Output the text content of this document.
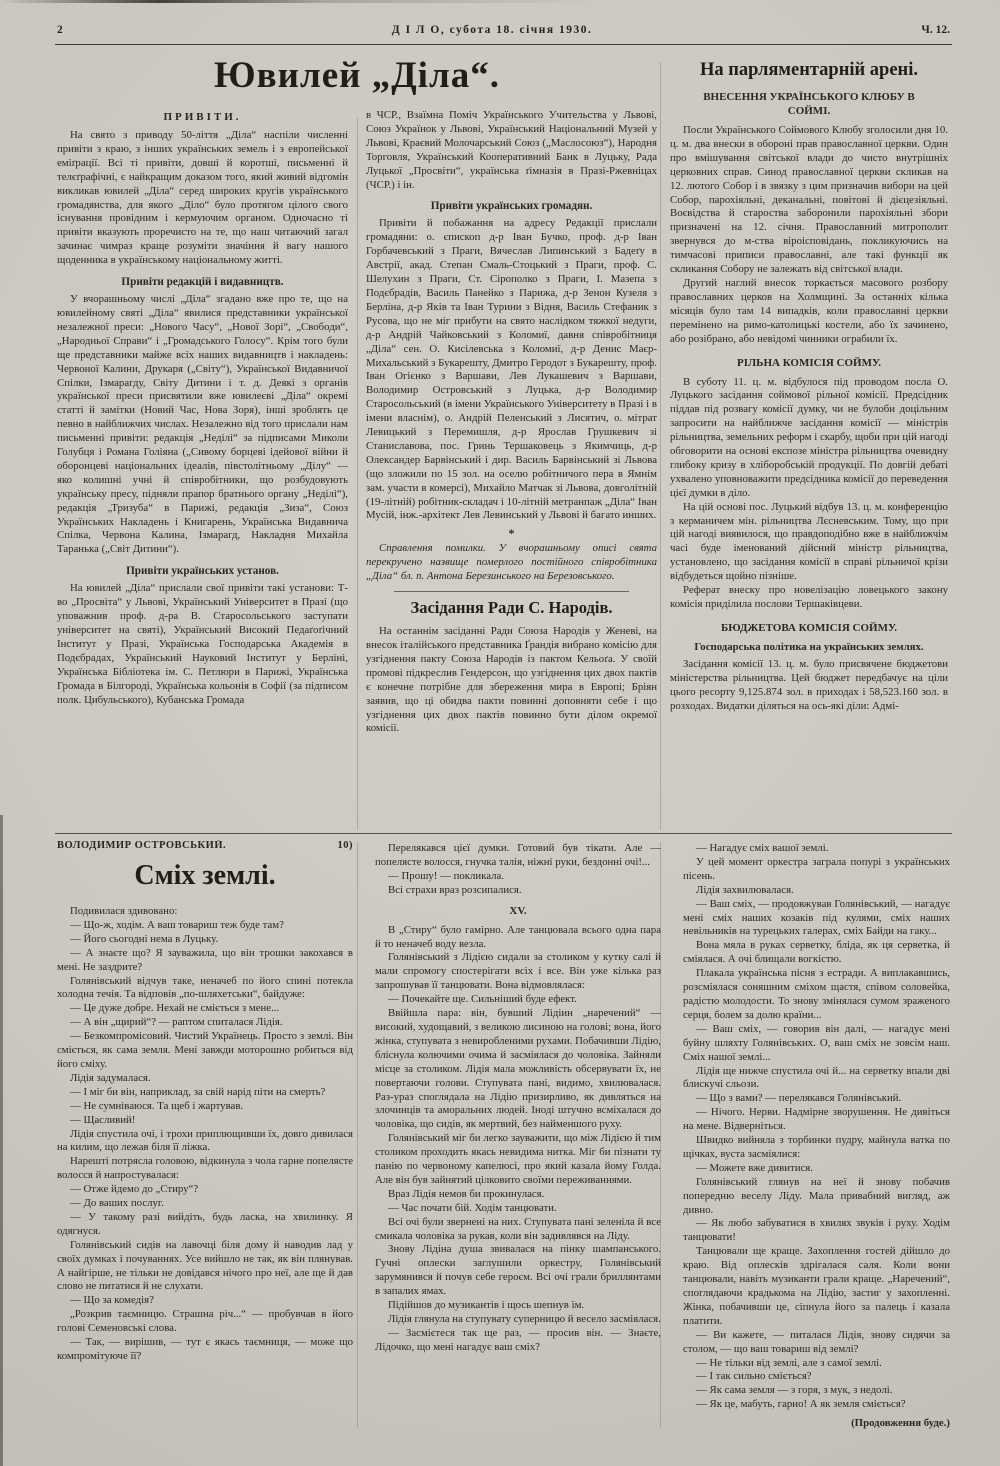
2	Д І Л О, субота 18. січня 1930.	Ч. 12.
Ювилей „Діла“.
ПРИВІТИ.

На свято з приводу 50-ліття „Діла“ наспіли численні привіти з краю, з інших українських земель і з европейської еміґрації. Всі ті привіти, довші й коротші, письменні й телєґрафічні, є найкращим доказом того, який живий відгомін викликав ювилей „Діла“ серед широких кругів українського громадянства, для якого „Діло“ було протягом цілого свого існування провідним і кермуючим органом. Одночасно ті привіти вказують проречисто на те, що наш читаючий загал зачинає чимраз краще розуміти значіння й вагу нашого щоденника в українському національному житті.

Привіти редакцій і видавництв.

У вчорашньому числі „Діла“ згадано вже про те, що на ювилейному святі „Діла“ явилися представники української незалежної преси: „Нового Часу“, „Нової Зорі“, „Свободи“, „Народньої Справи“ і „Громадського Голосу“. Крім того були ще представники майже всіх наших видавництв і накладень: Червоної Калини, Друкаря („Світу“), Української Видавничої Спілки, Ізмарагду, Світу Дитини і т. д. Деякі з органів української преси присвятили вже ювилеєві „Діла“ окремі статті й замітки (Новий Час, Нова Зоря), інші зроблять це певно в найближчих числах. Незалежно від того прислали нам письменні привіти: редакція „Неділі“ за підписами Миколи Голубця і Романа Голіяна („Сивому борцеві ідейової війни й оборонцеві національних ідеалів, півстолітньому „Ділу“ — яко колишні учні й співробітники, що розбудовують українську пресу, підняли прапор братнього органу „Неділі“), редакція „Тризуба“ в Парижі, редакція „Зиза“, Союз Українських Накладень і Книгарень, Українська Видавнича Спілка, Червона Калина, Ізмарагд, Накладня Михайла Таранька („Світ Дитини“).

Привіти українських установ.

На ювилей „Діла“ прислали свої привіти такі установи: Т-во „Просвіта“ у Львові, Український Університет в Празі (що уповажнив проф. д-ра В. Старосольського заступати університет на святі), Український Високий Педаґоґічний Інститут у Празі, Українська Господарська Академія в Подєбрадах, Український Науковий Інститут у Берліні, Українська Бібліотека ім. С. Петлюри в Парижі, Українська Громада в Білгороді, Українська кольонія в Софії (за підписом полк. Цибульського), Кубанська Громада

в ЧСР., Взаїмна Поміч Українського Учительства у Львові, Союз Українок у Львові, Український Національний Музей у Львові, Краєвий Молочарський Союз („Маслосоюз“), Народня Торговля, Український Кооперативний Банк в Луцьку, Рада Луцької „Просвіти“, українська ґімназія в Празі-Ржевніцах (ЧСР.) і ін.

Привіти українських громадян.

Привіти й побажання на адресу Редакції прислали громадяни: о. єпископ д-р Іван Бучко, проф. д-р Іван Горбачевський з Праги, Вячеслав Липинський з Бадеґу в Австрії, акад. Степан Смаль-Стоцький з Праги, проф. С. Шелухин з Праги, Ст. Сірополко з Праги, І. Мазепа з Подєбрадів, Василь Панейко з Парижа, д-р Зенон Кузеля з Берліна, д-р Яків та Іван Турини з Відня, Василь Стефаник з Русова, що не міг прибути на свято наслідком тяжкої недуги, д-р Андрій Чайковський з Коломиї, давня співробітниця „Діла“ сен. О. Кисілевська з Коломиї, д-р Денис Маєр-Михальський з Букарешту, Дмитро Геродот з Букарешту, проф. Іван Огієнко з Варшави, Лев Лукашевич з Варшави, Володимир Островський з Луцька, д-р Володимир Старосольський (в імени Українського Університету в Празі і в імени власнім), о. Андрій Пеленський з Лисятич, о. мітрат Левицький з Перемишля, д-р Ярослав Грушкевич зі Станиславова, пос. Гринь Тершаковець з Якимчиць, д-р Олександер Барвінський і дир. Василь Барвінський зі Львова (що зложили по 15 зол. на оселю робітничого пера в Ямнім зам. участи в комерсі), Михайло Матчак зі Львова, довголітній (19-літній) робітник-складач і 10-літній метранпаж „Діла“ Іван Мусій, інж.-архітект Лев Левинський у Львові й багато инших.

*

Справлення помилки. У вчорашньому описі свята перекручено назвище померлого постійного співробітника „Діла“ бл. п. Антона Березинського на Березовського.

Засідання Ради С. Народів.

На останнім засіданні Ради Союза Народів у Женеві, на внесок італійського представника Ґрандія вибрано комісію для узгіднення пакту Союза Народів із пактом Кельоґа. У своїй промові підкреслив Гендерсон, що узгіднення цих двох пактів є конечне потрібне для збереження мира в Европі; Бріян заявив, що ці обидва пакти повинні доповняти себе і що узгіднення цих двох пактів повинно бути ділом окремої комісії.

На парляментарній арені.
ВНЕСЕННЯ УКРАЇНСЬКОГО КЛЮБУ В СОЙМІ.

Посли Українського Соймового Клюбу зголосили дня 10. ц. м. два внески в обороні прав православної церкви. Один про вмішування світської влади до чисто внутрішніх церковних справ. Синод православної церкви скликав на 12. лютого Собор і в звязку з цим призначив вибори на цей Собор, парохіяльні, деканальні, повітові й дієцезіяльні. Воєвідства й староства заборонили парохіяльні збори призначені на 12. січня. Православний митрополит звернувся до м-ства віроісповідань, покликуючись на тимчасові приписи православні, але такі функції як скликання Собору не залежать від світської влади.

Другий наглий внесок торкається масового розбору православних церков на Холмщині. За останніх кілька місяців було там 14 випадків, коли православні церкви перемінено на римо-католицькі костели, або їх зачинено, або розібрано, або невідомі чинники ограбили їх.

РІЛЬНА КОМІСІЯ СОЙМУ.

В суботу 11. ц. м. відбулося під проводом посла О. Луцького засідання соймової рільної комісії. Предсідник піддав під розвагу комісії думку, чи не булоби доцільним запросити на найближче засідання комісії — міністрів рільництва, земельних реформ і скарбу, щоби при цій нагоді обговорити на основі експозе міністра рільництва очевидну глибоку кризу в хліборобській продукції. По довгій дебаті ухвалено уповноважити предсідника комісії до переведення цієї думки в діло.

На цій основі пос. Луцький відбув 13. ц. м. конференцію з керманичем мін. рільництва Лєсневським. Тому, що при цій нагоді виявилося, що правдоподібно вже в найближчім часі буде іменований дійсний міністр рільництва, установлено, що засідання комісії в справі рільничої крізи відбудеться щойно пізніше.

Реферат внеску про новелізацію ловецького закону комісія приділила послови Тершаківцеви.

БЮДЖЕТОВА КОМІСІЯ СОЙМУ.
Господарська політика на українських землях.

Засідання комісії 13. ц. м. було присвячене бюджетови міністерства рільництва. Цей бюджет передбачує на ціли цього ресорту 9,125.874 зол. в приходах і 58,523.160 зол. в розходах. Видатки діляться на ось-які діли: Адмі-

ВОЛОДИМИР ОСТРОВСЬКИЙ.	10)
Сміх землі.

Подивилася здивовано:

— Що-ж, ходім. А ваш товариш теж буде там?

— Його сьогодні нема в Луцьку.

— А знаєте що? Я зауважила, що він трошки закохався в мені. Не заздрите?

Голянівський відчув таке, неначеб по його спині потекла холодна течія. Та відповів „по-шляхетськи“, байдуже:

— Це дуже добре. Нехай не сміється з мене...

— А він „щирий“? — раптом спиталася Лідія.

— Безкомпромісовий. Чистий Українець. Просто з землі. Він сміється, як сама земля. Мені завжди моторошно робиться від його сміху.

Лідія задумалася.

— І міг би він, наприклад, за свій нарід піти на смерть?

— Не сумніваюся. Та щеб і жартував.

— Щасливий!

Лідія спустила очі, і трохи приплющивши їх, довго дивилася на килим, що лежав біля її ліжка.

Нарешті потрясла головою, відкинула з чола гарне попелясте волосся й напростувалася:

— Отже йдемо до „Стиру“?

— До ваших послуг.

— У такому разі вийдіть, будь ласка, на хвилинку. Я одягнуся.

Голянівський сидів на лавочці біля дому й наводив лад у своїх думках і почуваннях. Усе вийшло не так, як він плянував. А найгірше, не тільки не довідався нічого про неї, але ще й дав слово не питатися й не слухати.

— Що за комедія?

„Розкрив таємницю. Страшна річ...“ — пробувчав в його голові Семеновські слова.

— Так, — вирішив, — тут є якась таємниця, — може що компромітуюче її?

Перелякався цієї думки. Готовий був тікати. Але — попелясте волосся, гнучка талія, ніжні руки, бездонні очі!...

— Прошу! — покликала.

Всі страхи враз розсипалися.

XV.

В „Стиру“ було гамірно. Але танцювала всього одна пара й то неначеб воду везла.

Голянівський з Лідією сидали за столиком у кутку салі й мали спромогу спостерігати всіх і все. Він уже кілька раз запрошував її танцювати. Вона відмовлялася:

— Почекайте ще. Сильніший буде ефект.

Ввійшла пара: він, бувший Лідіин „наречений“ — високий, худощавий, з великою лисиною на голові; вона, його жінка, ступувата з невиробленими рухами. Побачивши Лідію, бліснула колючими очима й засміялася до чоловіка. Зайняли місце за столиком. Лідія мала можливість обсервувати їх, не повертаючи голови. Ступувата пані, видимо, хвилювалася. Раз-ураз споглядала на Лідію призирливо, як дивляться на злочинців та аморальних людей. Іноді штучно всміхалася до чоловіка, що сидів, як мертвий, без найменшого руху.

Голянівський міг би легко зауважити, що між Лідією й тим столиком проходить якась невидима нитка. Міг би пізнати ту панію по червоному капелюсі, про який казала йому Голда. Але він був зайнятий цілковито своїми переживаннями.

Враз Лідія немов би прокинулася.

— Час почати бій. Ходім танцювати.

Всі очі були звернені на них. Ступувата пані зеленіла й все смикала чоловіка за рукав, коли він задивлявся на Ліду.

Знову Лідіна душа звивалася на пінку шампанського. Гучні оплески заглушили оркестру, Голянівський зарумянився й почув себе героєм. Всі очі грали бриллянтами в запалих ямах.

Підійшов до музикантів і щось шепнув їм.

Лідія глянула на ступувату суперницю й весело засміялася.

— Засмієтеся так ще раз, — просив він. — Знаєте, Лідочко, що мені нагадує ваш сміх?

— Нагадує сміх вашої землі.

У цей момент оркестра заграла попурі з українських пісень.

Лідія захвилювалася.

— Ваш сміх, — продовжував Голянівський, — нагадує мені сміх наших козаків під кулями, сміх наших невільників на турецьких галерах, сміх Байди на гаку...

Вона мяла в руках серветку, бліда, як ця серветка, й сміялася. А очі блищали вогкістю.

Плакала українська пісня з естради. А виплакавшись, розсміялася соняшним сміхом щастя, співом соловейка, радістю молодости. То знову змінялася сумом зраженого серця, болем за долю країни...

— Ваш сміх, — говорив він далі, — нагадує мені буйну шляхту Голянівських. О, ваш сміх не зовсім наш. Сміх нашої землі...

Лідія ще нижче спустила очі й... на серветку впали дві блискучі сльози.

— Що з вами? — перелякався Голянівський.

— Нічого. Нерви. Надмірне зворушення. Не дивіться на мене. Відверніться.

Швидко вийняла з торбинки пудру, майнула ватка по щічках, вуста засміялися:

— Можете вже дивитися.

Голянівський глянув на неї й знову побачив попередню веселу Ліду. Мала привабний вигляд, аж дивно.

— Як любо забуватися в хвилях звуків і руху. Ходім танцювати!

Танцювали ще краще. Захоплення гостей дійшло до краю. Від оплесків здрігалася саля. Коли вони танцювали, навіть музиканти грали краще. „Наречений“, споглядаючи крадькома на Лідію, застиг у захопленні. Жінка, побачивши це, сіпнула його за палець і казала платити.

— Ви кажете, — питалася Лідія, знову сидячи за столом, — що ваш товариш від землі?

— Не тільки від землі, але з самої землі.

— І так сильно сміється?

— Як сама земля — з горя, з мук, з недолі.

— Як це, мабуть, гарно! А як земля сміється?

(Продовження буде.)
